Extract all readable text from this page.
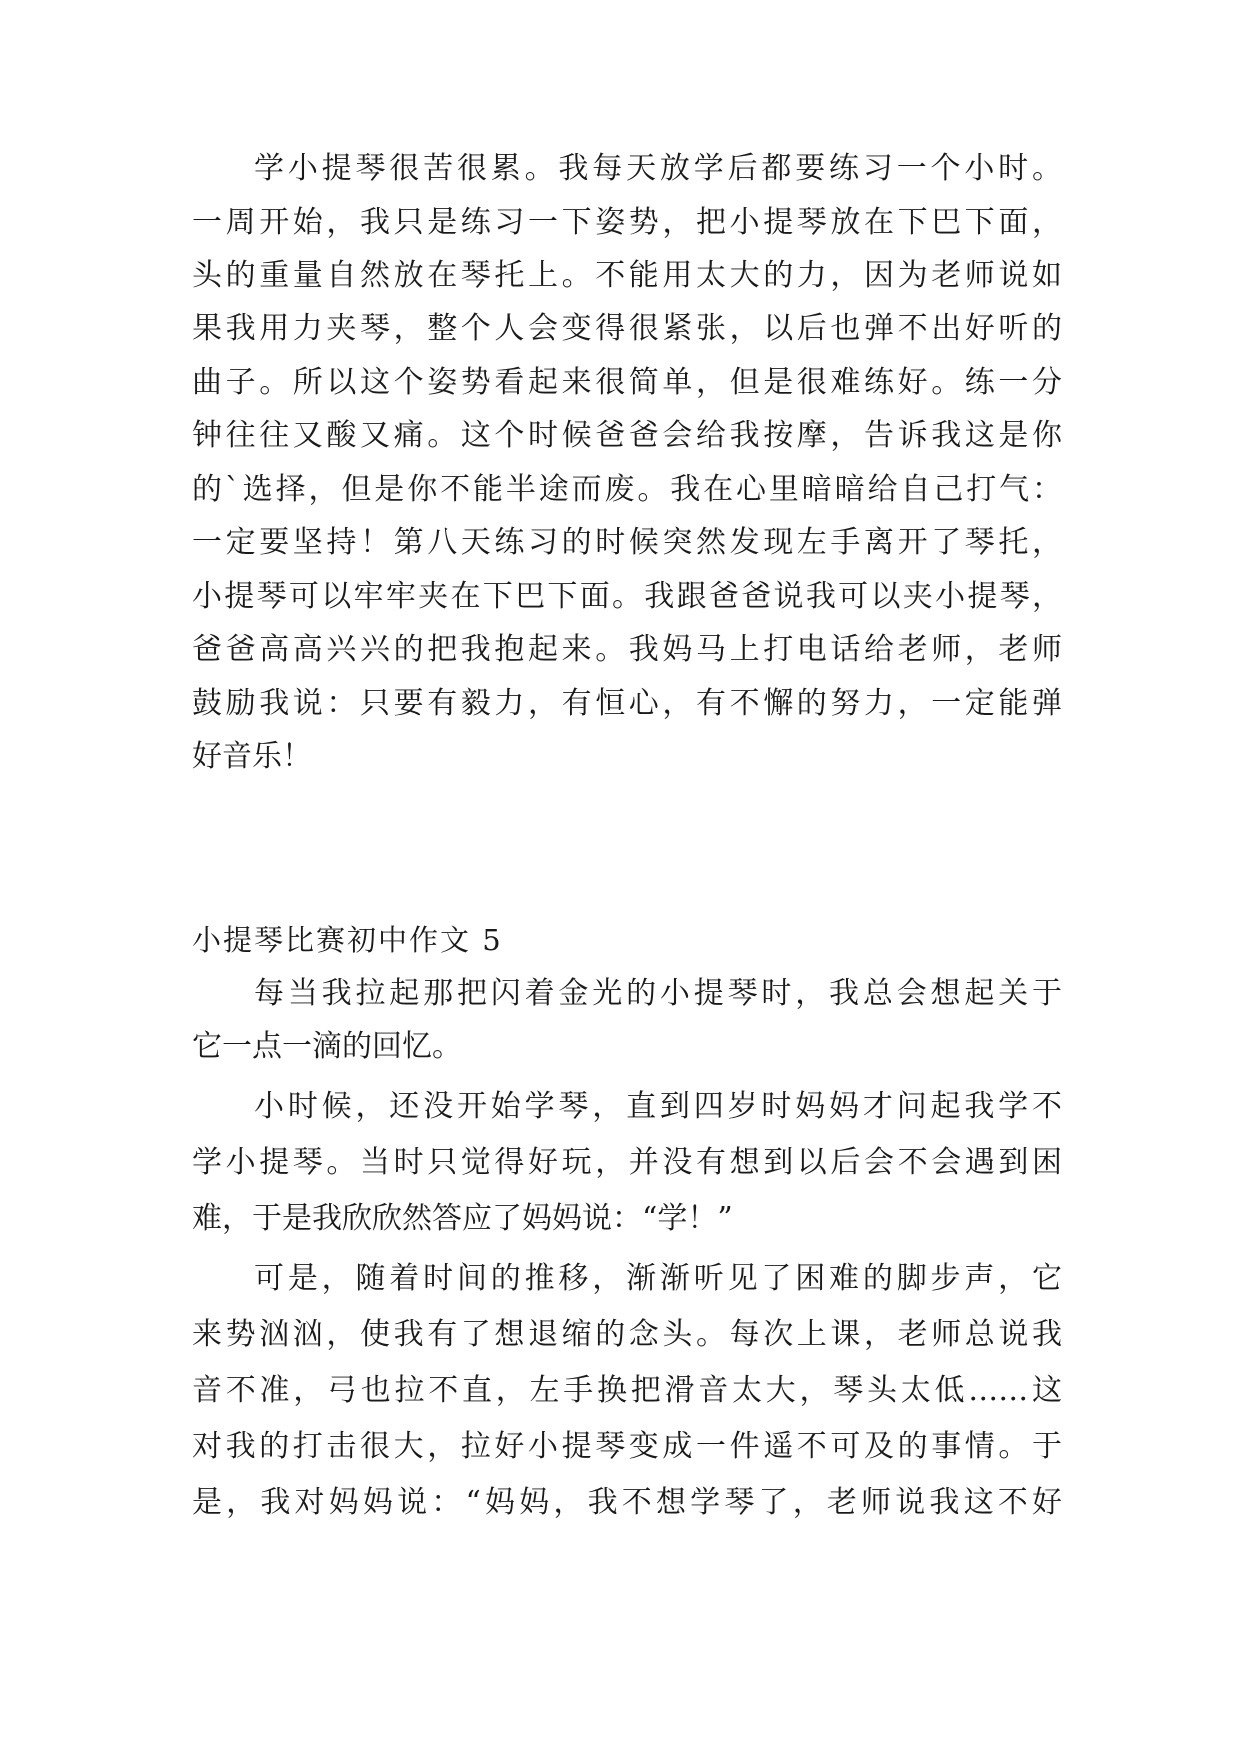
学小提琴很苦很累。我每天放学后都要练习一个小时。
一周开始，我只是练习一下姿势，把小提琴放在下巴下面，
头的重量自然放在琴托上。不能用太大的力，因为老师说如
果我用力夹琴，整个人会变得很紧张，以后也弹不出好听的
曲子。所以这个姿势看起来很简单，但是很难练好。练一分
钟往往又酸又痛。这个时候爸爸会给我按摩，告诉我这是你
的`选择，但是你不能半途而废。我在心里暗暗给自己打气：
一定要坚持！第八天练习的时候突然发现左手离开了琴托，
小提琴可以牢牢夹在下巴下面。我跟爸爸说我可以夹小提琴，
爸爸高高兴兴的把我抱起来。我妈马上打电话给老师，老师
鼓励我说：只要有毅力，有恒心，有不懈的努力，一定能弹
好音乐！
小提琴比赛初中作文 5
每当我拉起那把闪着金光的小提琴时，我总会想起关于
它一点一滴的回忆。
小时候，还没开始学琴，直到四岁时妈妈才问起我学不
学小提琴。当时只觉得好玩，并没有想到以后会不会遇到困
难，于是我欣欣然答应了妈妈说：“学！”
可是，随着时间的推移，渐渐听见了困难的脚步声，它
来势汹汹，使我有了想退缩的念头。每次上课，老师总说我
音不准，弓也拉不直，左手换把滑音太大，琴头太低……这
对我的打击很大，拉好小提琴变成一件遥不可及的事情。于
是，我对妈妈说：“妈妈，我不想学琴了，老师说我这不好
